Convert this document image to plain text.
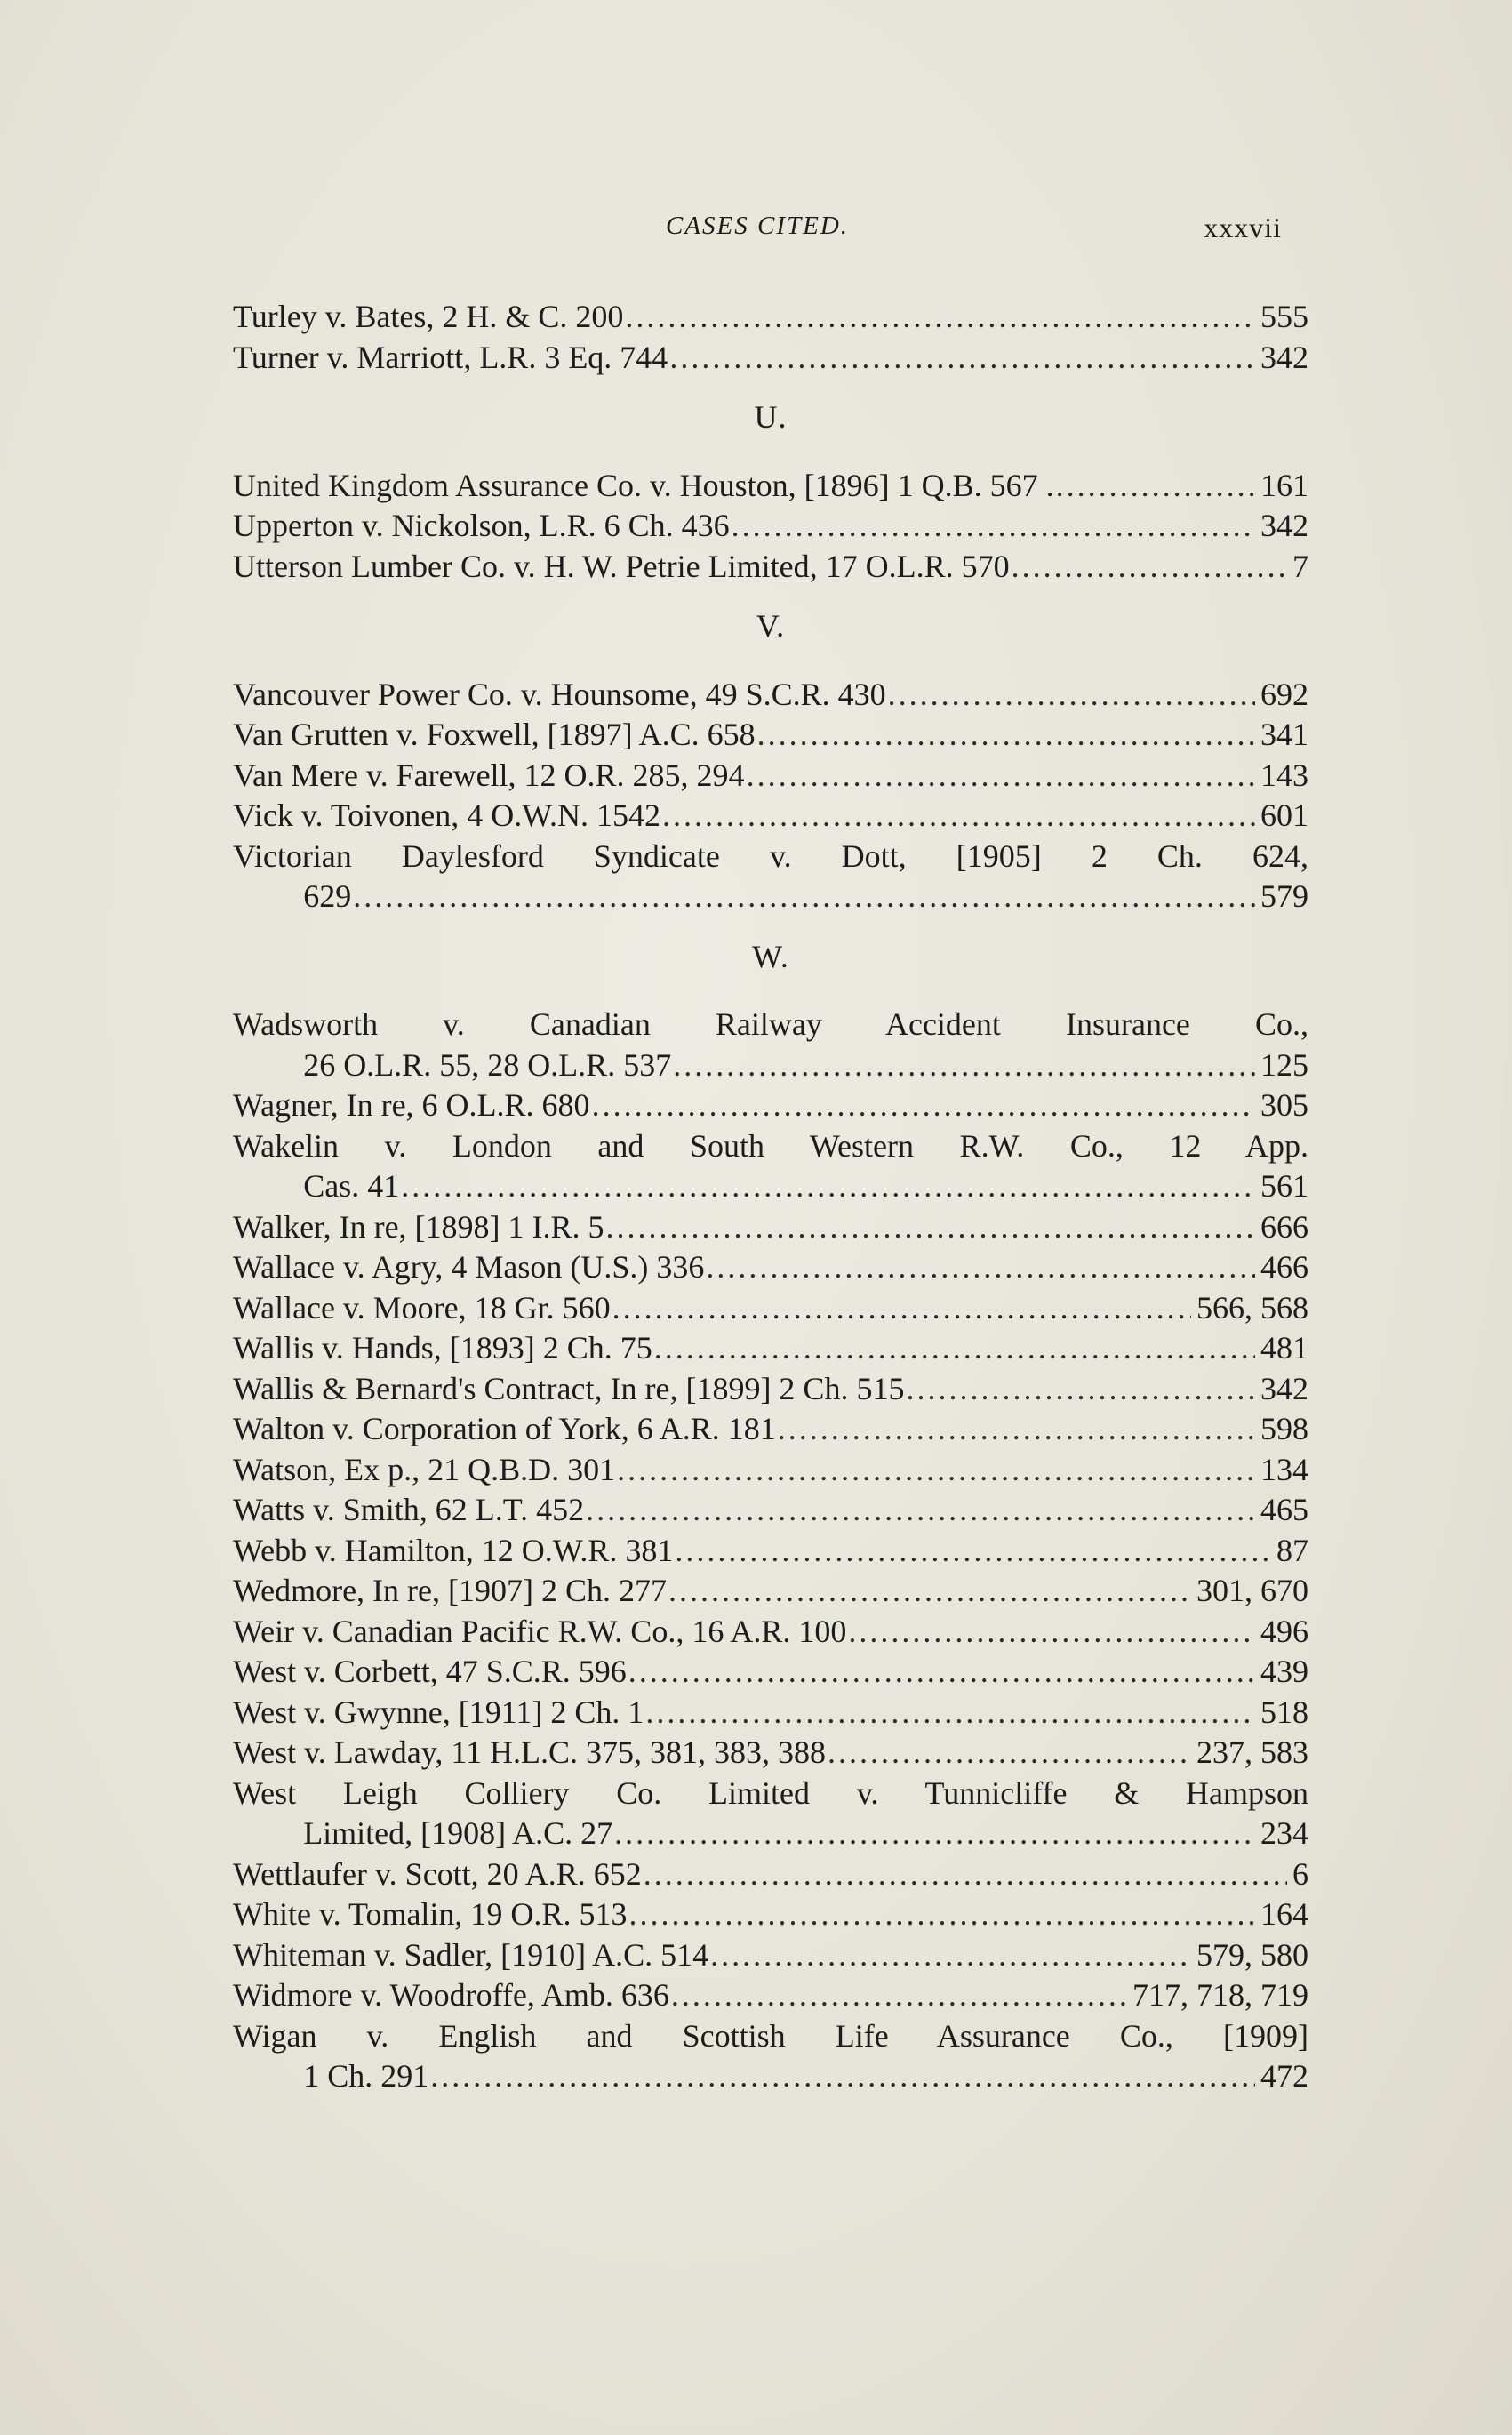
CASES CITED.	xxxvii
Turley v. Bates, 2 H. & C. 200 .....	555
Turner v. Marriott, L.R. 3 Eq. 744 .....	342
U.
United Kingdom Assurance Co. v. Houston, [1896] 1 Q.B. 567 . .....	161
Upperton v. Nickolson, L.R. 6 Ch. 436 .....	342
Utterson Lumber Co. v. H. W. Petrie Limited, 17 O.L.R. 570 .....	7
V.
Vancouver Power Co. v. Hounsome, 49 S.C.R. 430 .....	692
Van Grutten v. Foxwell, [1897] A.C. 658 .....	341
Van Mere v. Farewell, 12 O.R. 285, 294 .....	143
Vick v. Toivonen, 4 O.W.N. 1542 .....	601
Victorian Daylesford Syndicate v. Dott, [1905] 2 Ch. 624,
629 .....	579
W.
Wadsworth v. Canadian Railway Accident Insurance Co.,
26 O.L.R. 55, 28 O.L.R. 537 .....	125
Wagner, In re, 6 O.L.R. 680 .....	305
Wakelin v. London and South Western R.W. Co., 12 App.
Cas. 41 .....	561
Walker, In re, [1898] 1 I.R. 5 .....	666
Wallace v. Agry, 4 Mason (U.S.) 336 .....	466
Wallace v. Moore, 18 Gr. 560 .....	566, 568
Wallis v. Hands, [1893] 2 Ch. 75 .....	481
Wallis & Bernard's Contract, In re, [1899] 2 Ch. 515 .....	342
Walton v. Corporation of York, 6 A.R. 181 .....	598
Watson, Ex p., 21 Q.B.D. 301 .....	134
Watts v. Smith, 62 L.T. 452 .....	465
Webb v. Hamilton, 12 O.W.R. 381 .....	87
Wedmore, In re, [1907] 2 Ch. 277 .....	301, 670
Weir v. Canadian Pacific R.W. Co., 16 A.R. 100 .....	496
West v. Corbett, 47 S.C.R. 596 .....	439
West v. Gwynne, [1911] 2 Ch. 1 .....	518
West v. Lawday, 11 H.L.C. 375, 381, 383, 388 .....	237, 583
West Leigh Colliery Co. Limited v. Tunnicliffe & Hampson
Limited, [1908] A.C. 27 .....	234
Wettlaufer v. Scott, 20 A.R. 652 .....	6
White v. Tomalin, 19 O.R. 513 .....	164
Whiteman v. Sadler, [1910] A.C. 514 .....	579, 580
Widmore v. Woodroffe, Amb. 636 .....	717, 718, 719
Wigan v. English and Scottish Life Assurance Co., [1909]
1 Ch. 291 .....	472
